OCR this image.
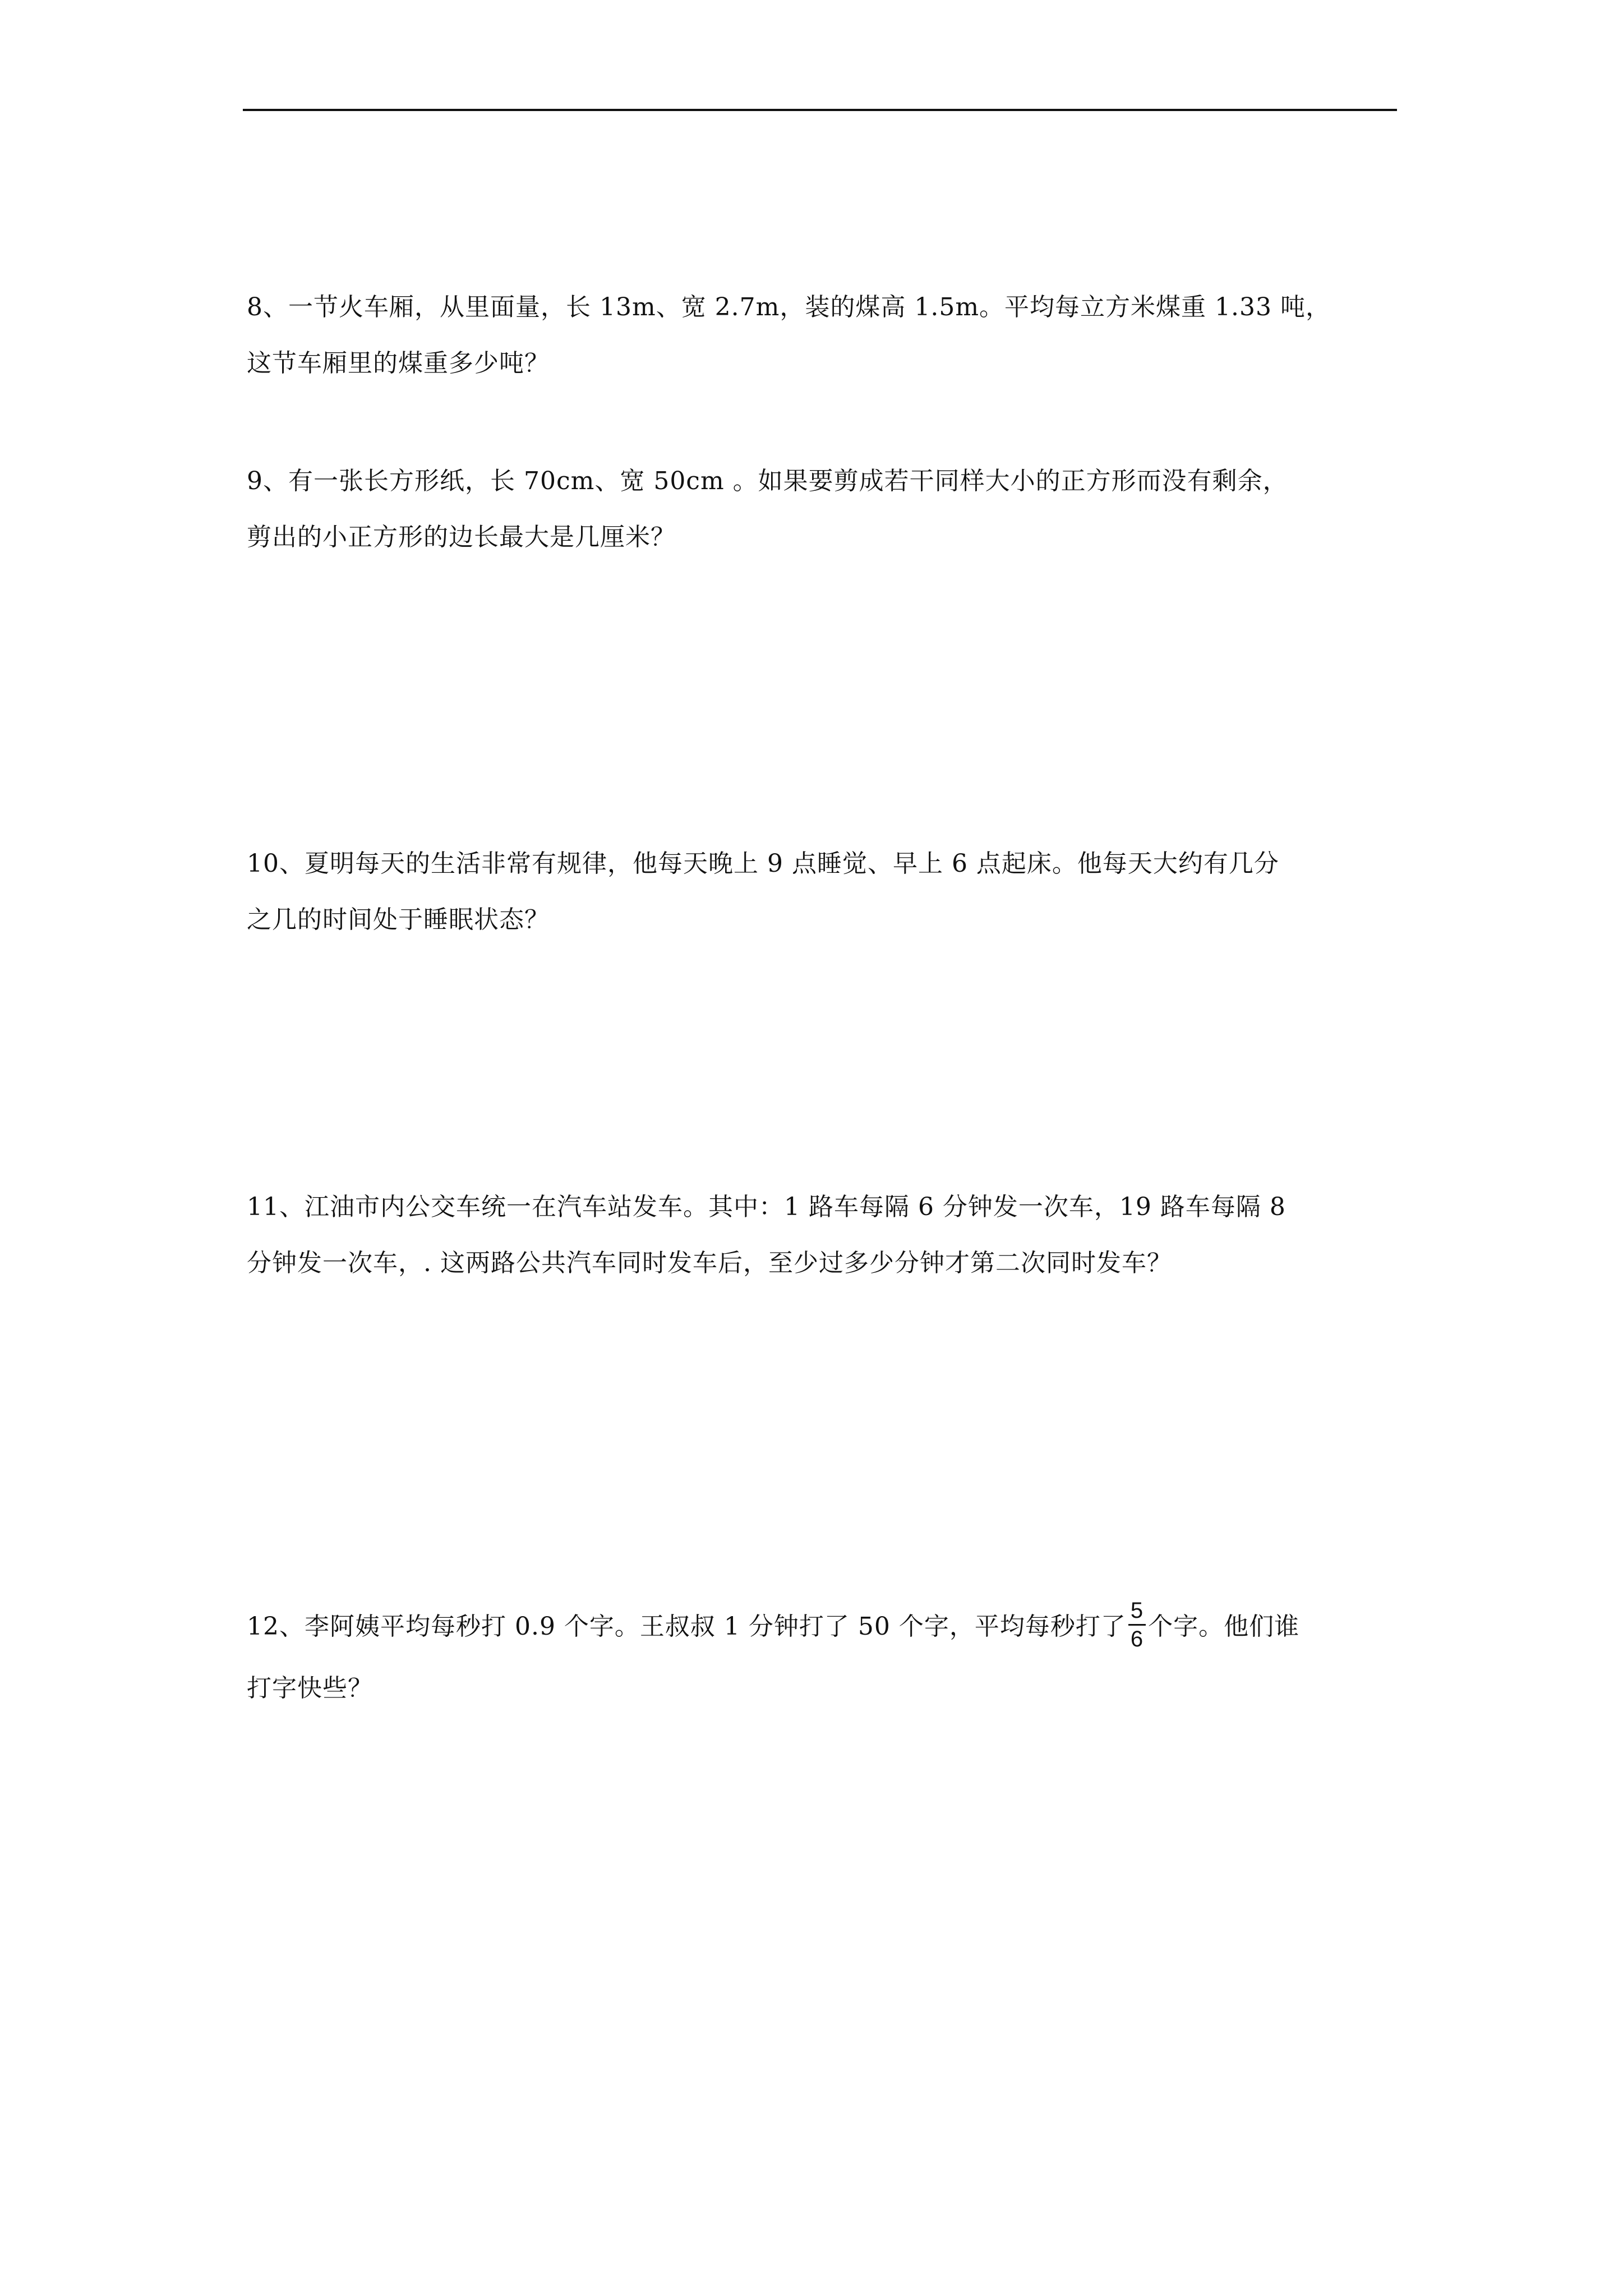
8、一节火车厢，从里面量，长 13m、宽 2.7m，装的煤高 1.5m。平均每立方米煤重 1.33 吨，
这节车厢里的煤重多少吨？
9、有一张长方形纸，长 70cm、宽 50cm 。如果要剪成若干同样大小的正方形而没有剩余，
剪出的小正方形的边长最大是几厘米？
10、夏明每天的生活非常有规律，他每天晚上 9 点睡觉、早上 6 点起床。他每天大约有几分
之几的时间处于睡眠状态？
11、江油市内公交车统一在汽车站发车。其中：1 路车每隔 6 分钟发一次车，19 路车每隔 8
分钟发一次车，. 这两路公共汽车同时发车后，至少过多少分钟才第二次同时发车？
12、李阿姨平均每秒打 0.9 个字。王叔叔 1 分钟打了 50 个字，平均每秒打了 $\frac{5}{6}$ 个字。他们谁
打字快些？
